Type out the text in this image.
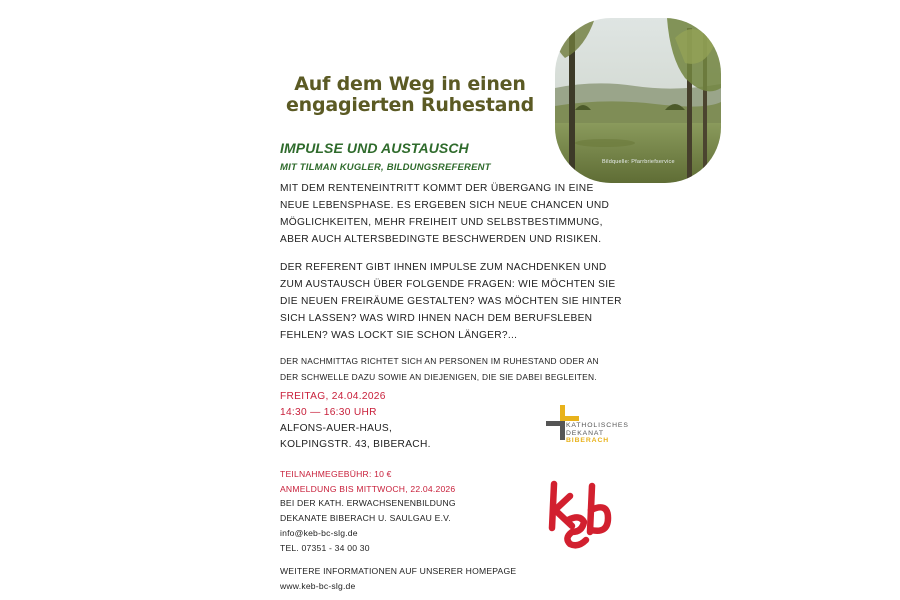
Bildquelle: Pfarrbriefservice
Auf dem Weg in einen
engagierten Ruhestand
IMPULSE UND AUSTAUSCH
MIT TILMAN KUGLER, BILDUNGSREFERENT
MIT DEM RENTENEINTRITT KOMMT DER ÜBERGANG IN EINE
NEUE LEBENSPHASE. ES ERGEBEN SICH NEUE CHANCEN UND
MÖGLICHKEITEN, MEHR FREIHEIT UND SELBSTBESTIMMUNG,
ABER AUCH ALTERSBEDINGTE BESCHWERDEN UND RISIKEN.
DER REFERENT GIBT IHNEN IMPULSE ZUM NACHDENKEN UND
ZUM AUSTAUSCH ÜBER FOLGENDE FRAGEN: WIE MÖCHTEN SIE
DIE NEUEN FREIRÄUME GESTALTEN? WAS MÖCHTEN SIE HINTER
SICH LASSEN? WAS WIRD IHNEN NACH DEM BERUFSLEBEN
FEHLEN? WAS LOCKT SIE SCHON LÄNGER?...
DER NACHMITTAG RICHTET SICH AN PERSONEN IM RUHESTAND ODER AN
DER SCHWELLE DAZU SOWIE AN DIEJENIGEN, DIE SIE DABEI BEGLEITEN.
FREITAG, 24.04.2026
14:30 — 16:30 UHR
ALFONS-AUER-HAUS,
KOLPINGSTR. 43, BIBERACH.
TEILNAHMEGEBÜHR: 10 €
ANMELDUNG BIS MITTWOCH, 22.04.2026
BEI DER KATH. ERWACHSENENBILDUNG
DEKANATE BIBERACH U. SAULGAU E.V.
info@keb-bc-slg.de
TEL. 07351 - 34 00 30
WEITERE INFORMATIONEN AUF UNSERER HOMEPAGE
www.keb-bc-slg.de
KATHOLISCHES
DEKANAT
BIBERACH
